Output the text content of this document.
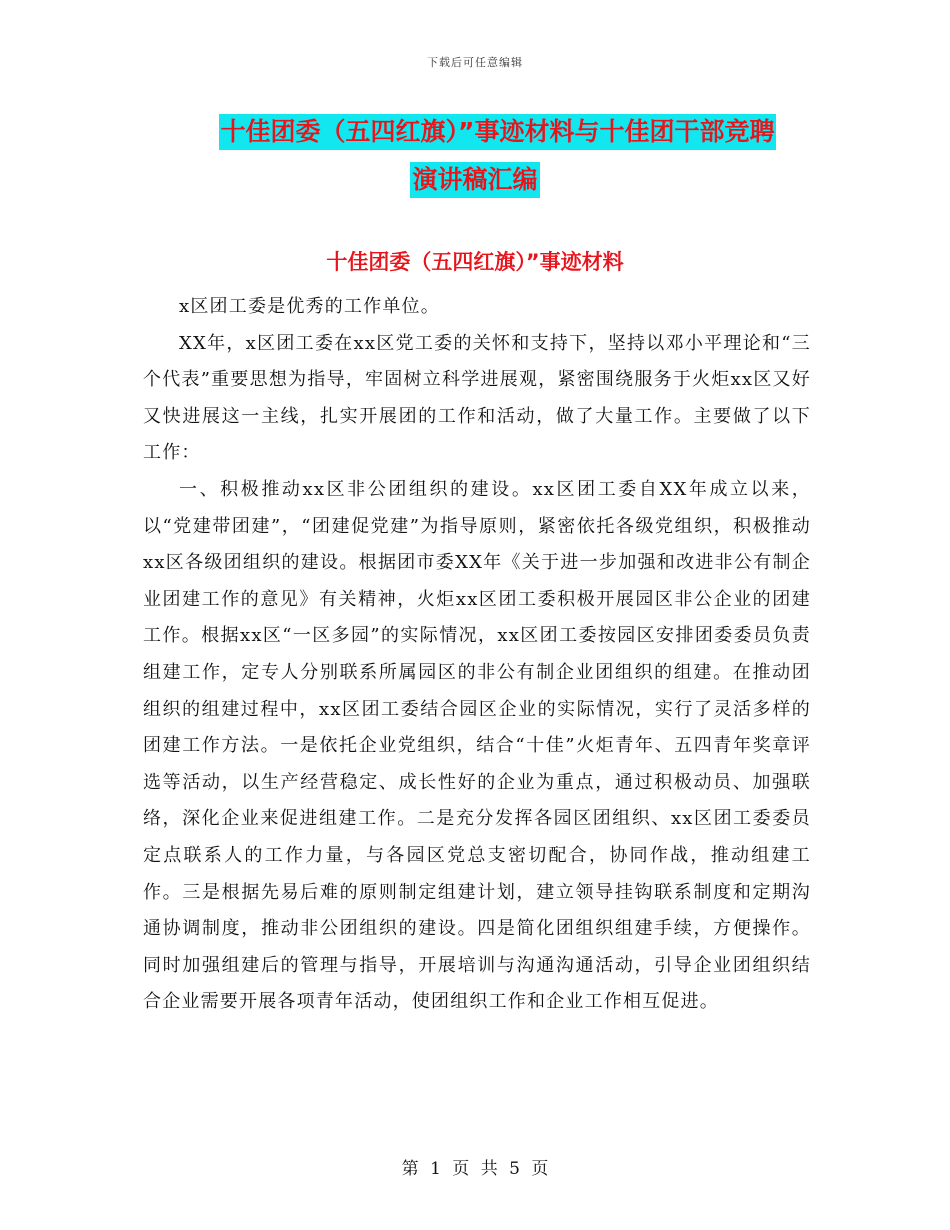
下载后可任意编辑
十佳团委（五四红旗）”事迹材料与十佳团干部竞聘
演讲稿汇编
十佳团委（五四红旗）”事迹材料

x区团工委是优秀的工作单位。

XX年，x区团工委在xx区党工委的关怀和支持下，坚持以邓小平理论和“三个代表”重要思想为指导，牢固树立科学进展观，紧密围绕服务于火炬xx区又好又快进展这一主线，扎实开展团的工作和活动，做了大量工作。主要做了以下工作：

一、积极推动xx区非公团组织的建设。xx区团工委自XX年成立以来，以“党建带团建”，“团建促党建”为指导原则，紧密依托各级党组织，积极推动xx区各级团组织的建设。根据团市委XX年《关于进一步加强和改进非公有制企业团建工作的意见》有关精神，火炬xx区团工委积极开展园区非公企业的团建工作。根据xx区“一区多园”的实际情况，xx区团工委按园区安排团委委员负责组建工作，定专人分别联系所属园区的非公有制企业团组织的组建。在推动团组织的组建过程中，xx区团工委结合园区企业的实际情况，实行了灵活多样的团建工作方法。一是依托企业党组织，结合“十佳”火炬青年、五四青年奖章评选等活动，以生产经营稳定、成长性好的企业为重点，通过积极动员、加强联络，深化企业来促进组建工作。二是充分发挥各园区团组织、xx区团工委委员定点联系人的工作力量，与各园区党总支密切配合，协同作战，推动组建工作。三是根据先易后难的原则制定组建计划，建立领导挂钩联系制度和定期沟通协调制度，推动非公团组织的建设。四是简化团组织组建手续，方便操作。同时加强组建后的管理与指导，开展培训与沟通沟通活动，引导企业团组织结合企业需要开展各项青年活动，使团组织工作和企业工作相互促进。

第 1 页 共 5 页
